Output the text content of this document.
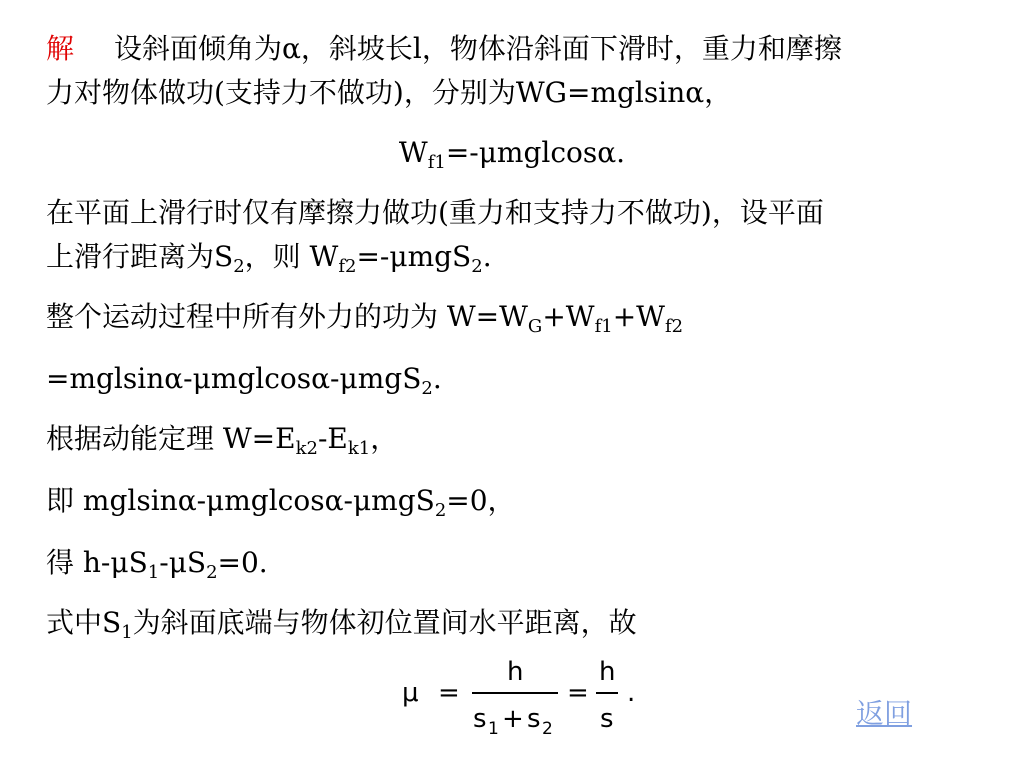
解 设斜面倾角为α，斜坡长l，物体沿斜面下滑时，重力和摩擦
力对物体做功(支持力不做功)，分别为WG=mglsinα，
$W_{f1}=$-μmglcosα.
在平面上滑行时仅有摩擦力做功(重力和支持力不做功)，设平面
上滑行距离为$S_2$，则 $W_{f2}=-\mu mgS_2$.
整个运动过程中所有外力的功为 $W=W_G+W_{f1}+W_{f2}$
=mglsinα-μmglcosα-μmgS$_2$.
根据动能定理 $W=E_{k2}-E_{k1}$，
即 mglsinα-μmglcosα-μmgS$_2$=0，
得 $h-\mu S_1-\mu S_2=0$.
式中$S_1$为斜面底端与物体初位置间水平距离，故
μ =
h
s 1 + s 2
=
h
s
.
返回
